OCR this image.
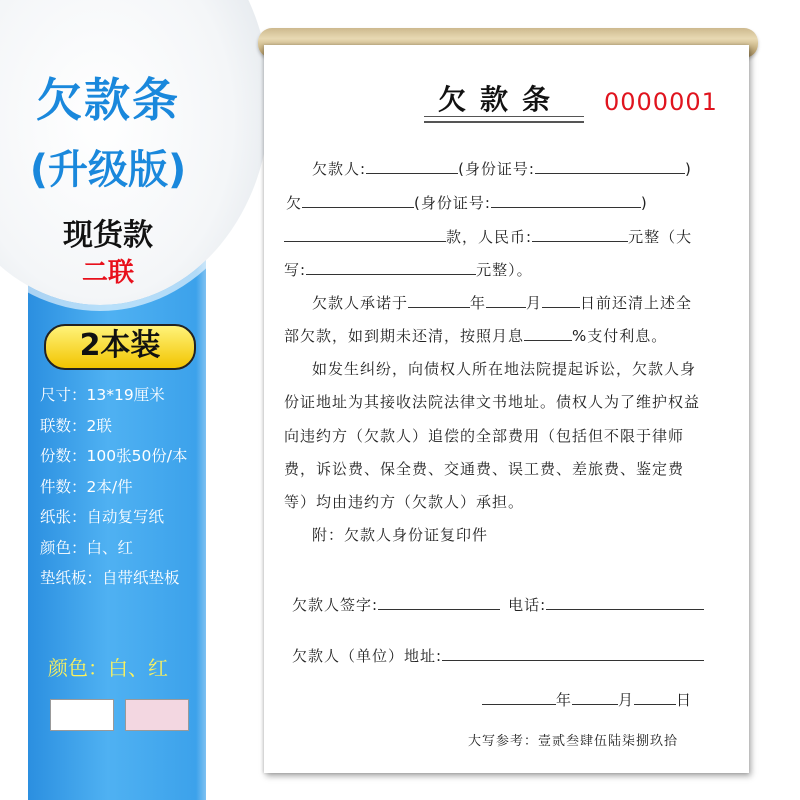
欠款条
(升级版)
现货款
二联
2本装
尺寸：13*19厘米
联数：2联
份数：100张50份/本
件数：2本/件
纸张：自动复写纸
颜色：白、红
垫纸板：自带纸垫板
颜色：白、红
欠款条 0000001
欠款人:	(身份证号:	)
欠	(身份证号:	)
款，人民币:	元整（大
写:	元整）。
欠款人承诺于	年	月	日前还清上述全
部欠款，如到期未还清，按照月息	%支付利息。
如发生纠纷，向债权人所在地法院提起诉讼，欠款人身
份证地址为其接收法院法律文书地址。债权人为了维护权益
向违约方（欠款人）追偿的全部费用（包括但不限于律师
费，诉讼费、保全费、交通费、误工费、差旅费、鉴定费
等）均由违约方（欠款人）承担。
附：欠款人身份证复印件
欠款人签字:	电话:
欠款人（单位）地址:
年	月	日
大写参考：壹贰叁肆伍陆柒捌玖拾
